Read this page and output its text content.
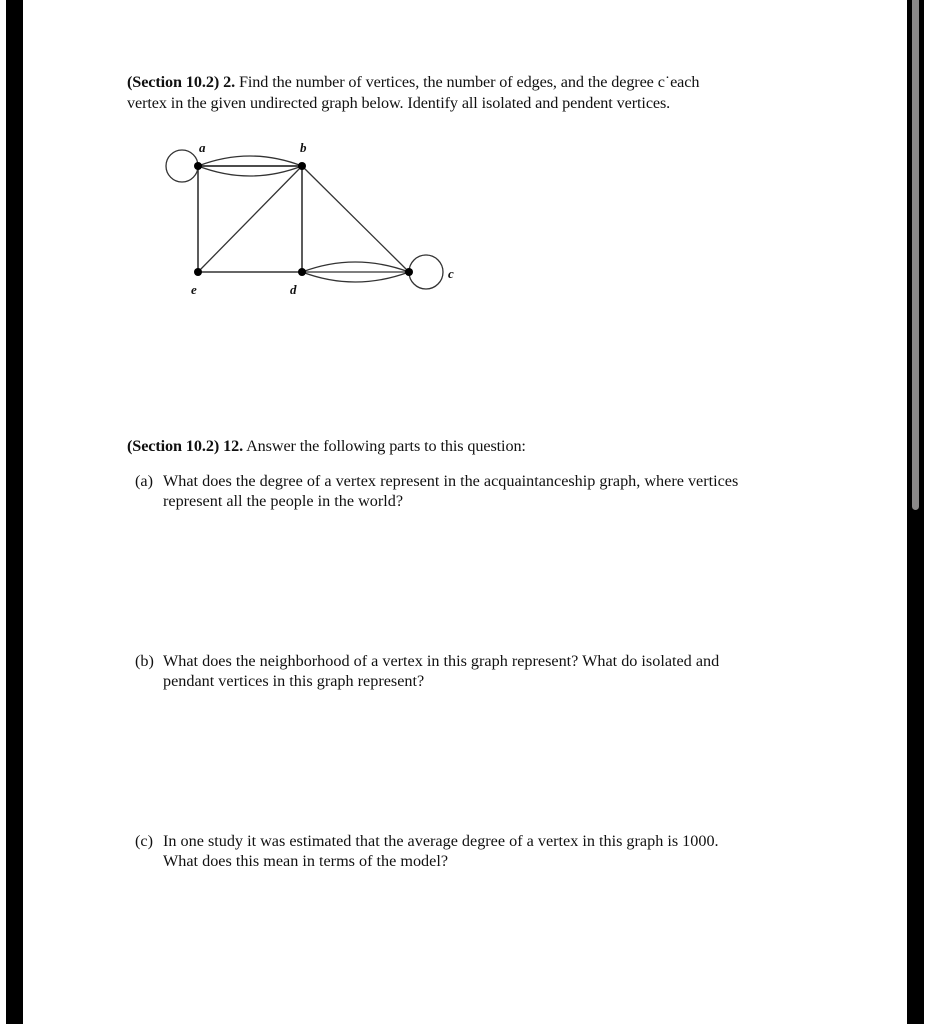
(Section 10.2) 2. Find the number of vertices, the number of edges, and the degree c˙each
vertex in the given undirected graph below. Identify all isolated and pendent vertices.
a	b
c
d
e
(Section 10.2) 12. Answer the following parts to this question:
(a) What does the degree of a vertex represent in the acquaintanceship graph, where vertices
represent all the people in the world?
(b) What does the neighborhood of a vertex in this graph represent? What do isolated and
pendant vertices in this graph represent?
(c) In one study it was estimated that the average degree of a vertex in this graph is 1000.
What does this mean in terms of the model?
